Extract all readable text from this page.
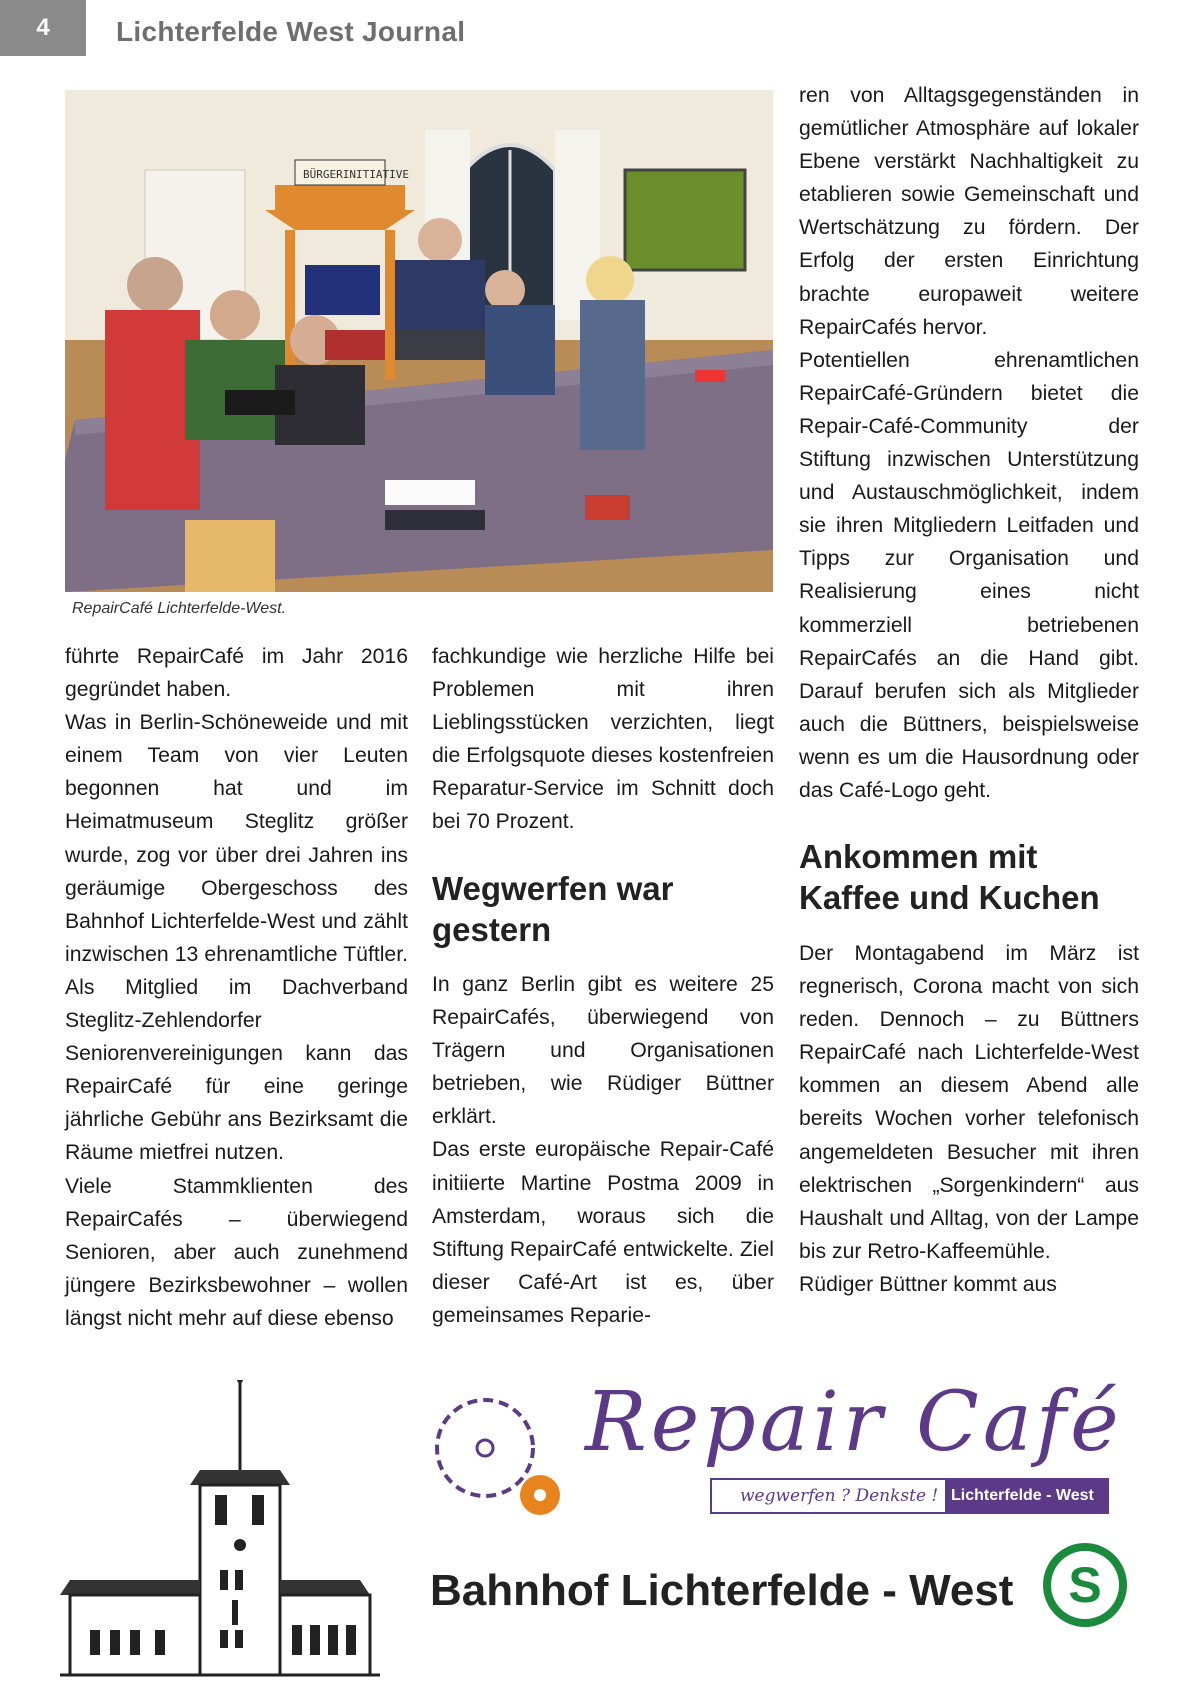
4	Lichterfelde West Journal
BÜRGERINITIATIVE
RepairCafé Lichterfelde-West.

führte RepairCafé im Jahr 2016 gegründet haben.

Was in Berlin-Schöneweide und mit einem Team von vier Leuten begonnen hat und im Heimatmuseum Steglitz größer wurde, zog vor über drei Jahren ins geräumige Obergeschoss des Bahnhof Lichterfelde-West und zählt inzwischen 13 ehrenamtliche Tüftler. Als Mitglied im Dachverband Steglitz-Zehlendorfer Seniorenvereinigungen kann das RepairCafé für eine geringe jährliche Gebühr ans Bezirksamt die Räume mietfrei nutzen.

Viele Stammklienten des RepairCafés – überwiegend Senioren, aber auch zunehmend jüngere Bezirksbewohner – wollen längst nicht mehr auf diese ebenso

fachkundige wie herzliche Hilfe bei Problemen mit ihren Lieblingsstücken verzichten, liegt die Erfolgsquote dieses kostenfreien Reparatur-Service im Schnitt doch bei 70 Prozent.

Wegwerfen war gestern

In ganz Berlin gibt es weitere 25 RepairCafés, überwiegend von Trägern und Organisationen betrieben, wie Rüdiger Büttner erklärt.

Das erste europäische Repair-Café initiierte Martine Postma 2009 in Amsterdam, woraus sich die Stiftung RepairCafé entwickelte. Ziel dieser Café-Art ist es, über gemeinsames Reparie-

ren von Alltagsgegenständen in gemütlicher Atmosphäre auf lokaler Ebene verstärkt Nachhaltigkeit zu etablieren sowie Gemeinschaft und Wertschätzung zu fördern. Der Erfolg der ersten Einrichtung brachte europaweit weitere RepairCafés hervor.

Potentiellen ehrenamtlichen RepairCafé-Gründern bietet die Repair-Café-Community der Stiftung inzwischen Unterstützung und Austauschmöglichkeit, indem sie ihren Mitgliedern Leitfaden und Tipps zur Organisation und Realisierung eines nicht kommerziell betriebenen RepairCafés an die Hand gibt. Darauf berufen sich als Mitglieder auch die Büttners, beispielsweise wenn es um die Hausordnung oder das Café-Logo geht.

Ankommen mit Kaffee und Kuchen

Der Montagabend im März ist regnerisch, Corona macht von sich reden. Dennoch – zu Büttners RepairCafé nach Lichterfelde-West kommen an diesem Abend alle bereits Wochen vorher telefonisch angemeldeten Besucher mit ihren elektrischen „Sorgenkindern“ aus Haushalt und Alltag, von der Lampe bis zur Retro-Kaffeemühle.

Rüdiger Büttner kommt aus

Repair Café
wegwerfen ? Denkste ! Lichterfelde - West
Bahnhof Lichterfelde - West S
